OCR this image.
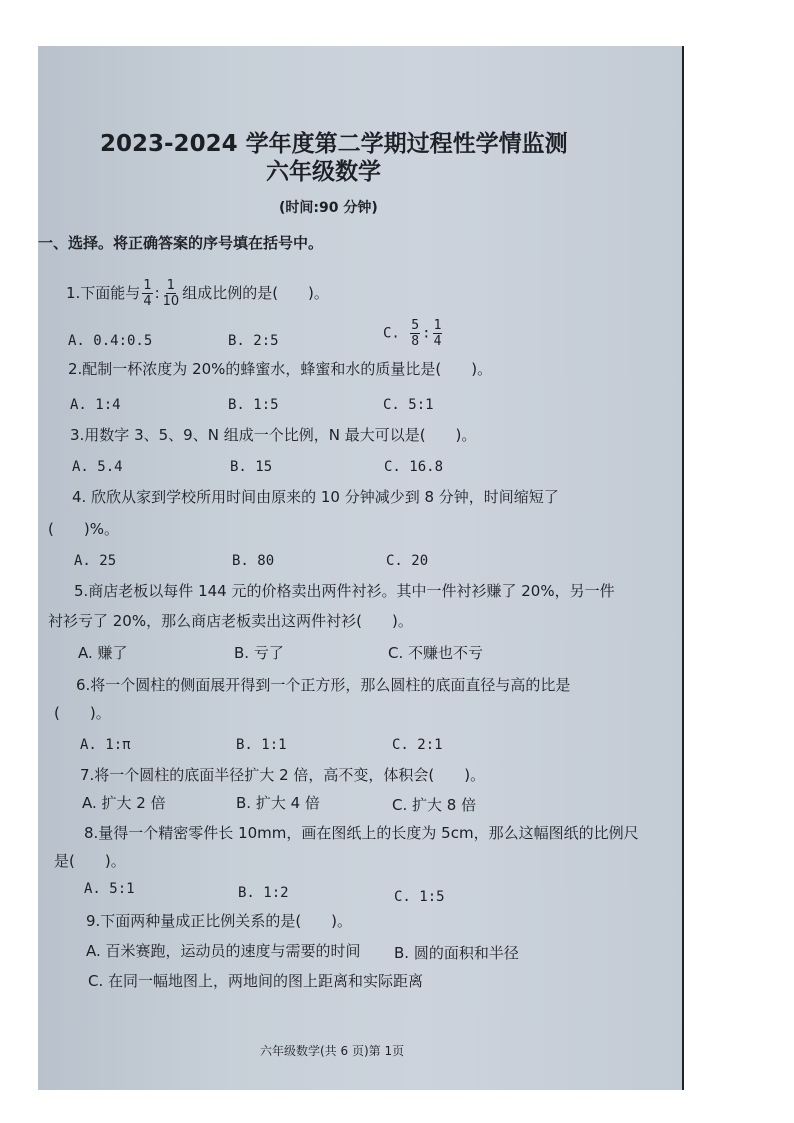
2023-2024 学年度第二学期过程性学情监测
六年级数学
(时间:90 分钟)
一、选择。将正确答案的序号填在括号中。
1.下面能与 $\frac{1}{4}$ : $\frac{1}{10}$ 组成比例的是(　　)。
A. 0.4:0.5	B. 2:5	C. $\frac{5}{8}$ : $\frac{1}{4}$
2.配制一杯浓度为 20%的蜂蜜水，蜂蜜和水的质量比是(　　)。
A. 1:4	B. 1:5	C. 5:1
3.用数字 3、5、9、N 组成一个比例，N 最大可以是(　　)。
A. 5.4	B. 15	C. 16.8
4. 欣欣从家到学校所用时间由原来的 10 分钟减少到 8 分钟，时间缩短了
(　　)%。
A. 25	B. 80	C. 20
5.商店老板以每件 144 元的价格卖出两件衬衫。其中一件衬衫赚了 20%，另一件
衬衫亏了 20%，那么商店老板卖出这两件衬衫(　　)。
A. 赚了	B. 亏了	C. 不赚也不亏
6.将一个圆柱的侧面展开得到一个正方形，那么圆柱的底面直径与高的比是
(　　)。
A. 1:π	B. 1:1	C. 2:1
7.将一个圆柱的底面半径扩大 2 倍，高不变，体积会(　　)。
A. 扩大 2 倍	B. 扩大 4 倍	C. 扩大 8 倍
8.量得一个精密零件长 10mm，画在图纸上的长度为 5cm，那么这幅图纸的比例尺
是(　　)。
A. 5:1	B. 1:2	C. 1:5
9.下面两种量成正比例关系的是(　　)。
A. 百米赛跑，运动员的速度与需要的时间 B. 圆的面积和半径
C. 在同一幅地图上，两地间的图上距离和实际距离
六年级数学(共 6 页)第 1页
